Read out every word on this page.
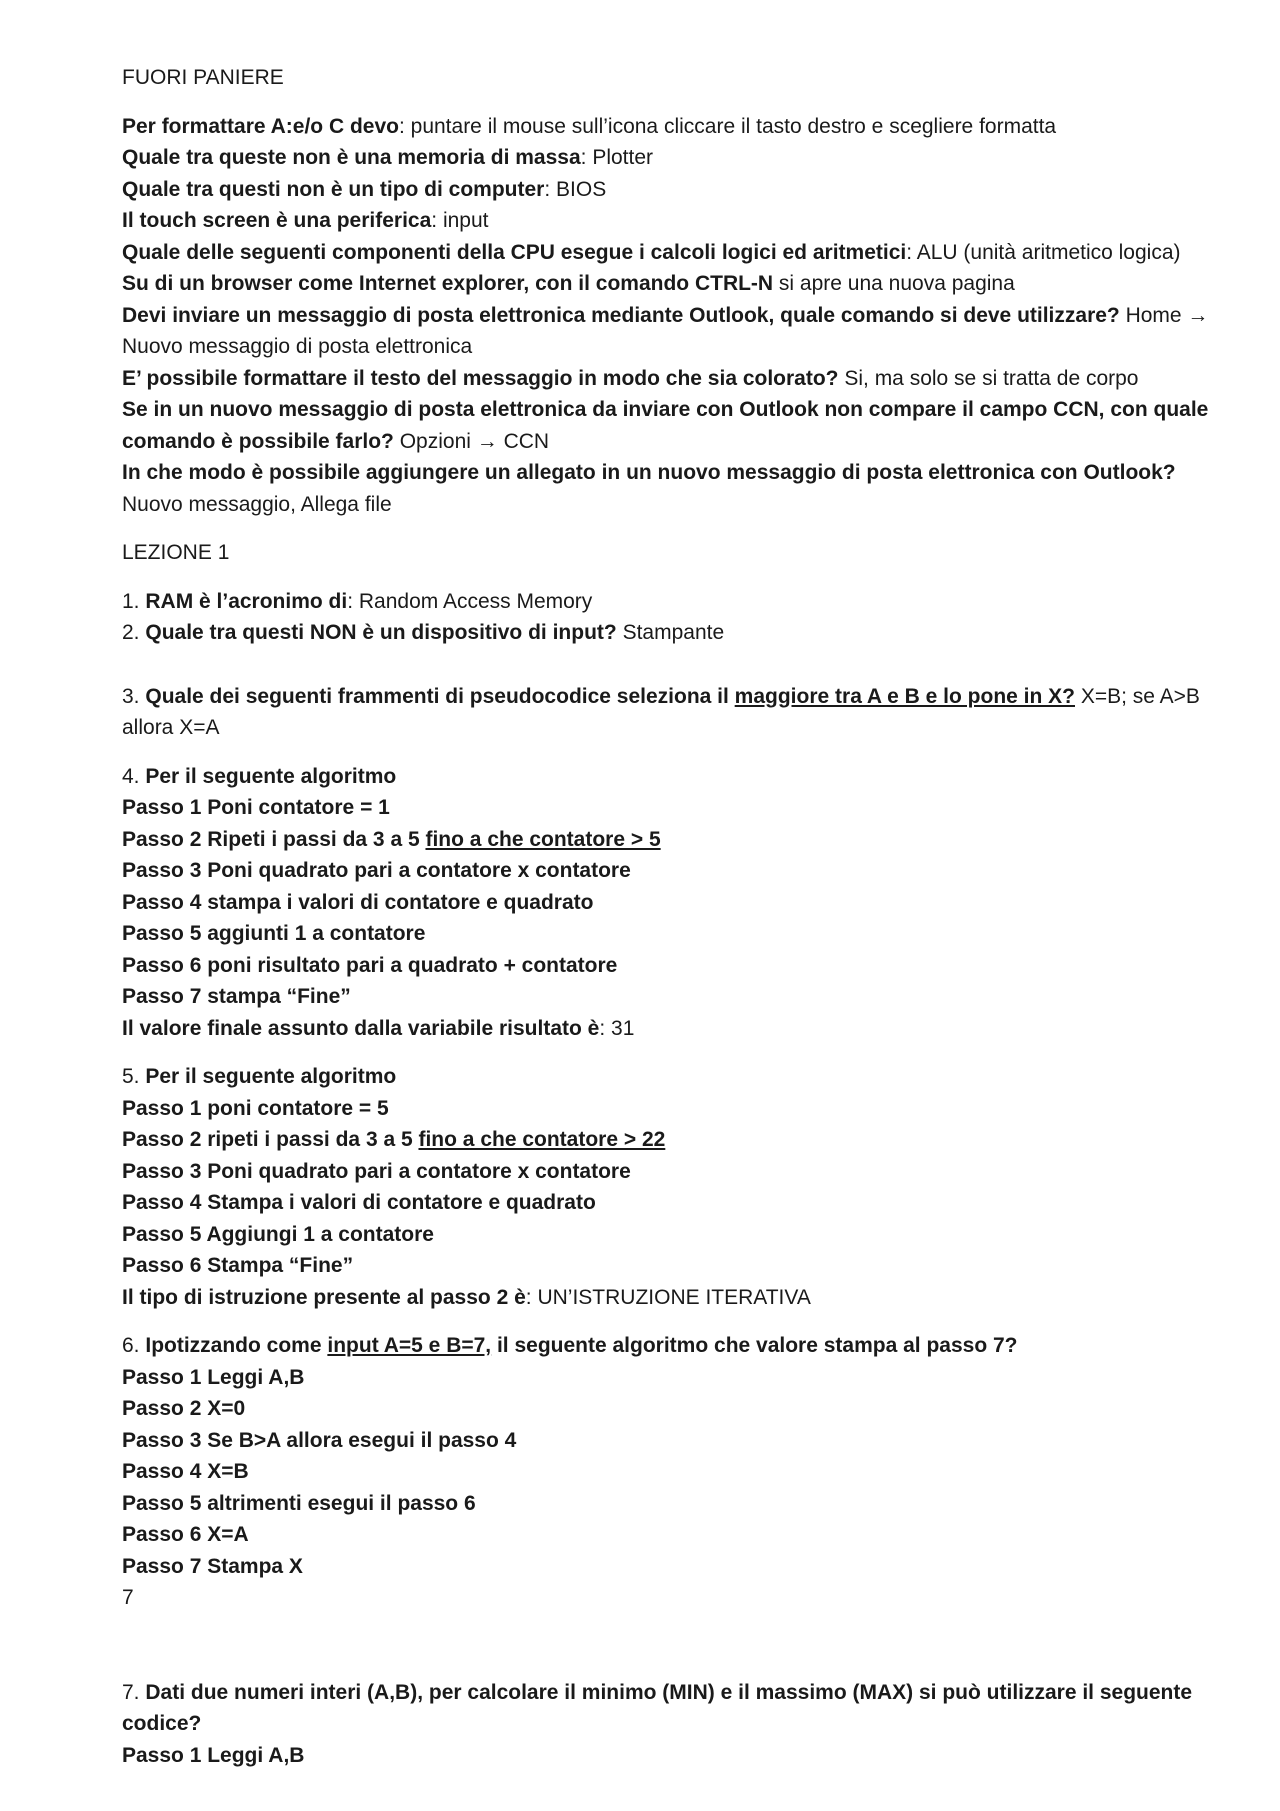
FUORI PANIERE
Per formattare A:e/o C devo: puntare il mouse sull’icona cliccare il tasto destro e scegliere formatta
Quale tra queste non è una memoria di massa: Plotter
Quale tra questi non è un tipo di computer: BIOS
Il touch screen è una periferica: input
Quale delle seguenti componenti della CPU esegue i calcoli logici ed aritmetici: ALU (unità aritmetico logica)
Su di un browser come Internet explorer, con il comando CTRL-N si apre una nuova pagina
Devi inviare un messaggio di posta elettronica mediante Outlook, quale comando si deve utilizzare? Home → Nuovo messaggio di posta elettronica
E’ possibile formattare il testo del messaggio in modo che sia colorato? Si, ma solo se si tratta de corpo
Se in un nuovo messaggio di posta elettronica da inviare con Outlook non compare il campo CCN, con quale comando è possibile farlo? Opzioni → CCN
In che modo è possibile aggiungere un allegato in un nuovo messaggio di posta elettronica con Outlook? Nuovo messaggio, Allega file
LEZIONE 1
1. RAM è l’acronimo di: Random Access Memory
2. Quale tra questi NON è un dispositivo di input? Stampante
3. Quale dei seguenti frammenti di pseudocodice seleziona il maggiore tra A e B e lo pone in X? X=B; se A>B allora X=A
4. Per il seguente algoritmo
Passo 1 Poni contatore = 1
Passo 2 Ripeti i passi da 3 a 5 fino a che contatore > 5
Passo 3 Poni quadrato pari a contatore x contatore
Passo 4 stampa i valori di contatore e quadrato
Passo 5 aggiunti 1 a contatore
Passo 6 poni risultato pari a quadrato + contatore
Passo 7 stampa “Fine”
Il valore finale assunto dalla variabile risultato è: 31
5. Per il seguente algoritmo
Passo 1 poni contatore = 5
Passo 2 ripeti i passi da 3 a 5 fino a che contatore > 22
Passo 3 Poni quadrato pari a contatore x contatore
Passo 4 Stampa i valori di contatore e quadrato
Passo 5 Aggiungi 1 a contatore
Passo 6 Stampa “Fine”
Il tipo di istruzione presente al passo 2 è: UN’ISTRUZIONE ITERATIVA
6. Ipotizzando come input A=5 e B=7, il seguente algoritmo che valore stampa al passo 7?
Passo 1 Leggi A,B
Passo 2 X=0
Passo 3 Se B>A allora esegui il passo 4
Passo 4 X=B
Passo 5 altrimenti esegui il passo 6
Passo 6 X=A
Passo 7 Stampa X
7
7. Dati due numeri interi (A,B), per calcolare il minimo (MIN) e il massimo (MAX) si può utilizzare il seguente codice?
Passo 1 Leggi A,B
